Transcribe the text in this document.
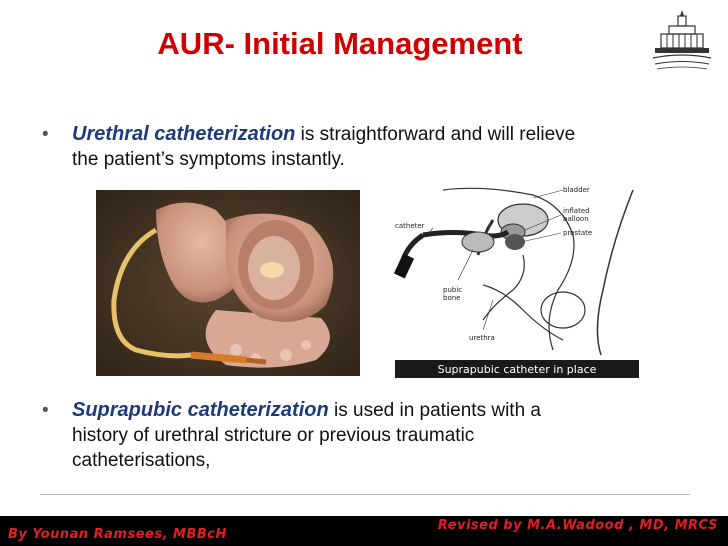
AUR- Initial Management
• Urethral catheterization is straightforward and will relieve
the patient’s symptoms instantly.
bladder
inflated
balloon
prostate
catheter
pubic
bone
urethra
Suprapubic catheter in place
• Suprapubic catheterization is used in patients with a
history of urethral stricture or previous traumatic
catheterisations,
By Younan Ramsees, MBBcH
Revised by M.A.Wadood , MD, MRCS
